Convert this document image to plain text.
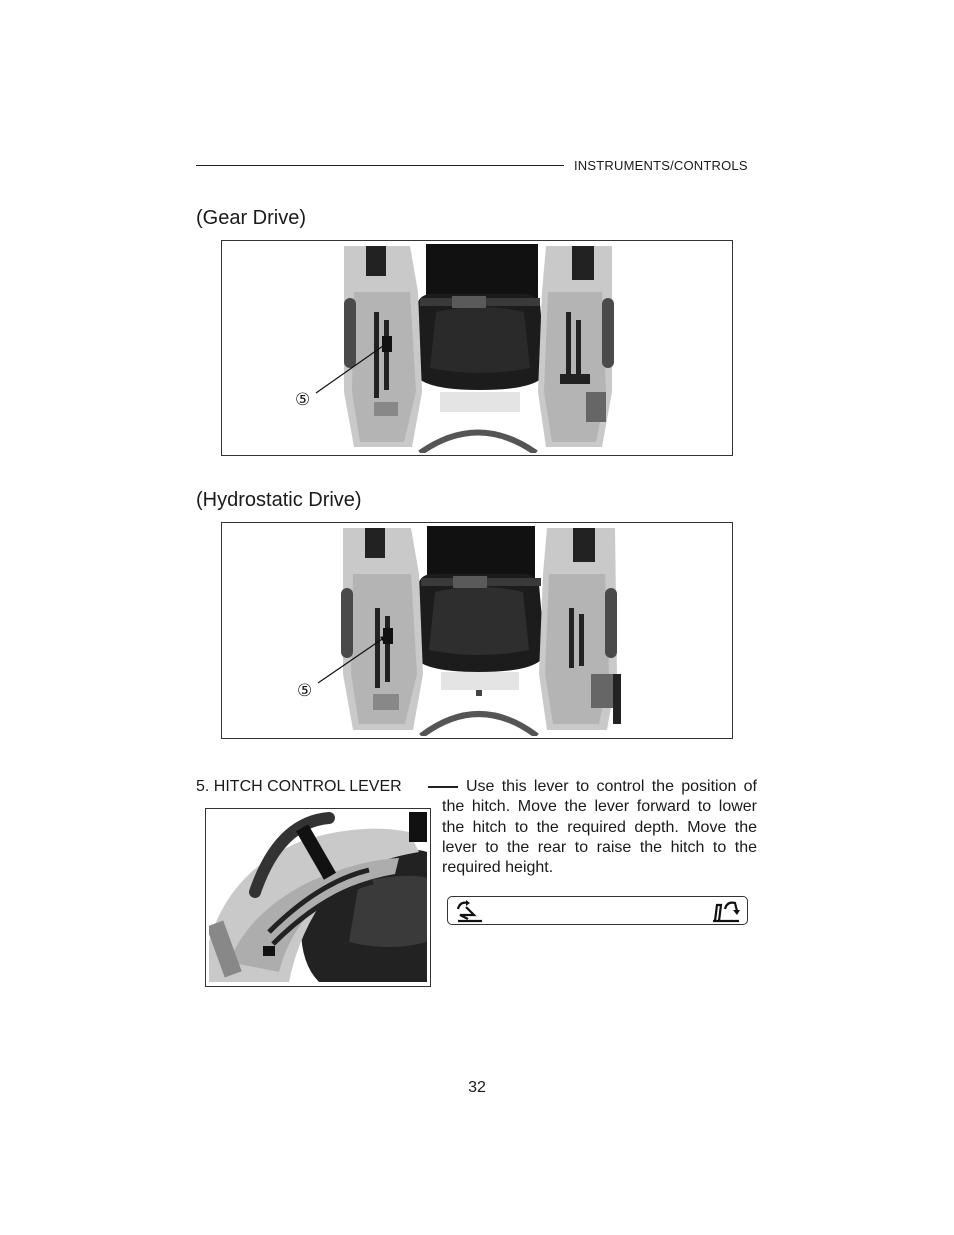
INSTRUMENTS/CONTROLS
(Gear Drive)
⑤
(Hydrostatic Drive)
⑤
5. HITCH CONTROL LEVER	Use this lever to control the position of the hitch. Move the lever forward to lower the hitch to the required depth. Move the lever to the rear to raise the hitch to the required height.
32
